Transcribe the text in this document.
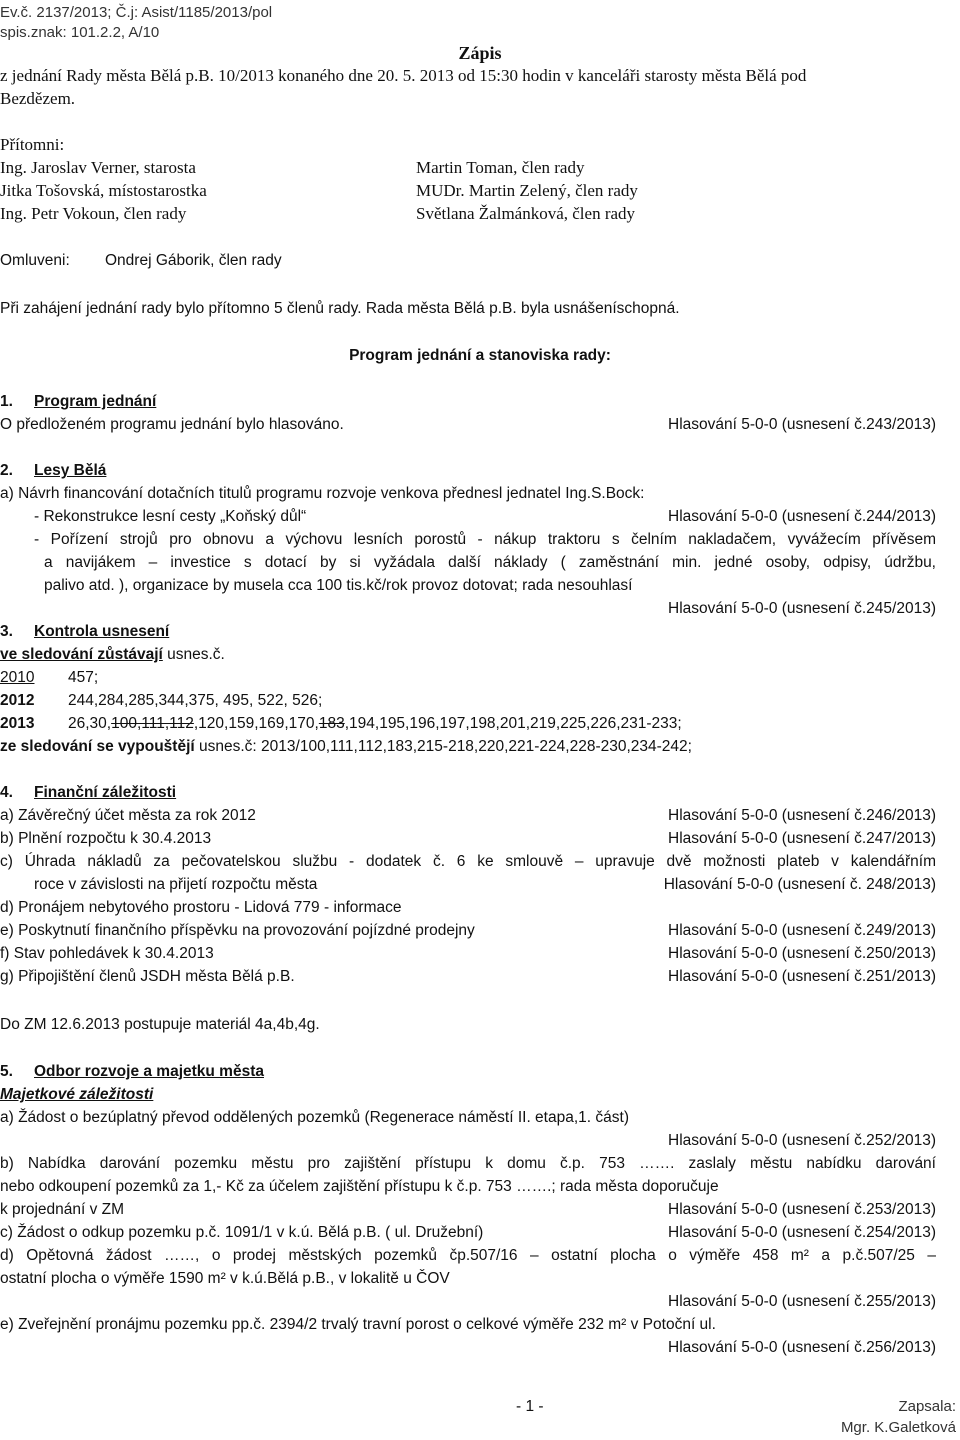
Ev.č. 2137/2013; Č.j: Asist/1185/2013/pol
spis.znak: 101.2.2, A/10
Zápis
z jednání Rady města Bělá p.B. 10/2013 konaného dne 20. 5. 2013 od 15:30 hodin v kanceláři starosty města Bělá pod
Bezdězem.
Přítomni:
Ing. Jaroslav Verner, starosta
Jitka Tošovská, místostarostka
Ing. Petr Vokoun, člen rady
Martin Toman, člen rady
MUDr. Martin Zelený, člen rady
Světlana Žalmánková, člen rady
Omluveni: Ondrej Gáborik, člen rady
Při zahájení jednání rady bylo přítomno 5 členů rady. Rada města Bělá p.B. byla usnášeníschopná.
Program jednání a stanoviska rady:
1. Program jednání
O předloženém programu jednání bylo hlasováno.	Hlasování 5-0-0 (usnesení č.243/2013)
2. Lesy Bělá
a) Návrh financování dotačních titulů programu rozvoje venkova přednesl jednatel Ing.S.Bock:
- Rekonstrukce lesní cesty „Koňský důl“	Hlasování 5-0-0 (usnesení č.244/2013)
- Pořízení strojů pro obnovu a výchovu lesních porostů - nákup traktoru s čelním nakladačem, vyvážecím přívěsem
a navijákem – investice s dotací by si vyžádala další náklady ( zaměstnání min. jedné osoby, odpisy, údržbu,
palivo atd. ), organizace by musela cca 100 tis.kč/rok provoz dotovat; rada nesouhlasí
Hlasování 5-0-0 (usnesení č.245/2013)
3. Kontrola usnesení
ve sledování zůstávají usnes.č.
2010 457;
2012 244,284,285,344,375, 495, 522, 526;
2013 26,30,100,111,112,120,159,169,170,183,194,195,196,197,198,201,219,225,226,231-233;
ze sledování se vypouštějí usnes.č: 2013/100,111,112,183,215-218,220,221-224,228-230,234-242;
4. Finanční záležitosti
a) Závěrečný účet města za rok 2012	Hlasování 5-0-0 (usnesení č.246/2013)
b) Plnění rozpočtu k 30.4.2013	Hlasování 5-0-0 (usnesení č.247/2013)
c) Úhrada nákladů za pečovatelskou službu - dodatek č. 6 ke smlouvě – upravuje dvě možnosti plateb v kalendářním
roce v závislosti na přijetí rozpočtu města	Hlasování 5-0-0 (usnesení č. 248/2013)
d) Pronájem nebytového prostoru - Lidová 779 - informace
e) Poskytnutí finančního příspěvku na provozování pojízdné prodejny	Hlasování 5-0-0 (usnesení č.249/2013)
f) Stav pohledávek k 30.4.2013	Hlasování 5-0-0 (usnesení č.250/2013)
g) Připojištění členů JSDH města Bělá p.B.	Hlasování 5-0-0 (usnesení č.251/2013)
Do ZM 12.6.2013 postupuje materiál 4a,4b,4g.
5. Odbor rozvoje a majetku města
Majetkové záležitosti
a) Žádost o bezúplatný převod oddělených pozemků (Regenerace náměstí II. etapa,1. část)
Hlasování 5-0-0 (usnesení č.252/2013)
b) Nabídka darování pozemku městu pro zajištění přístupu k domu č.p. 753 ……. zaslaly městu nabídku darování
nebo odkoupení pozemků za 1,- Kč za účelem zajištění přístupu k č.p. 753 …….; rada města doporučuje
k projednání v ZM	Hlasování 5-0-0 (usnesení č.253/2013)
c) Žádost o odkup pozemku p.č. 1091/1 v k.ú. Bělá p.B. ( ul. Družební)	Hlasování 5-0-0 (usnesení č.254/2013)
d) Opětovná žádost ……, o prodej městských pozemků čp.507/16 – ostatní plocha o výměře 458 m² a p.č.507/25 –
ostatní plocha o výměře 1590 m² v k.ú.Bělá p.B., v lokalitě u ČOV
Hlasování 5-0-0 (usnesení č.255/2013)
e) Zveřejnění pronájmu pozemku pp.č. 2394/2 trvalý travní porost o celkové výměře 232 m² v Potoční ul.
Hlasování 5-0-0 (usnesení č.256/2013)
- 1 -	Zapsala:
Mgr. K.Galetková
